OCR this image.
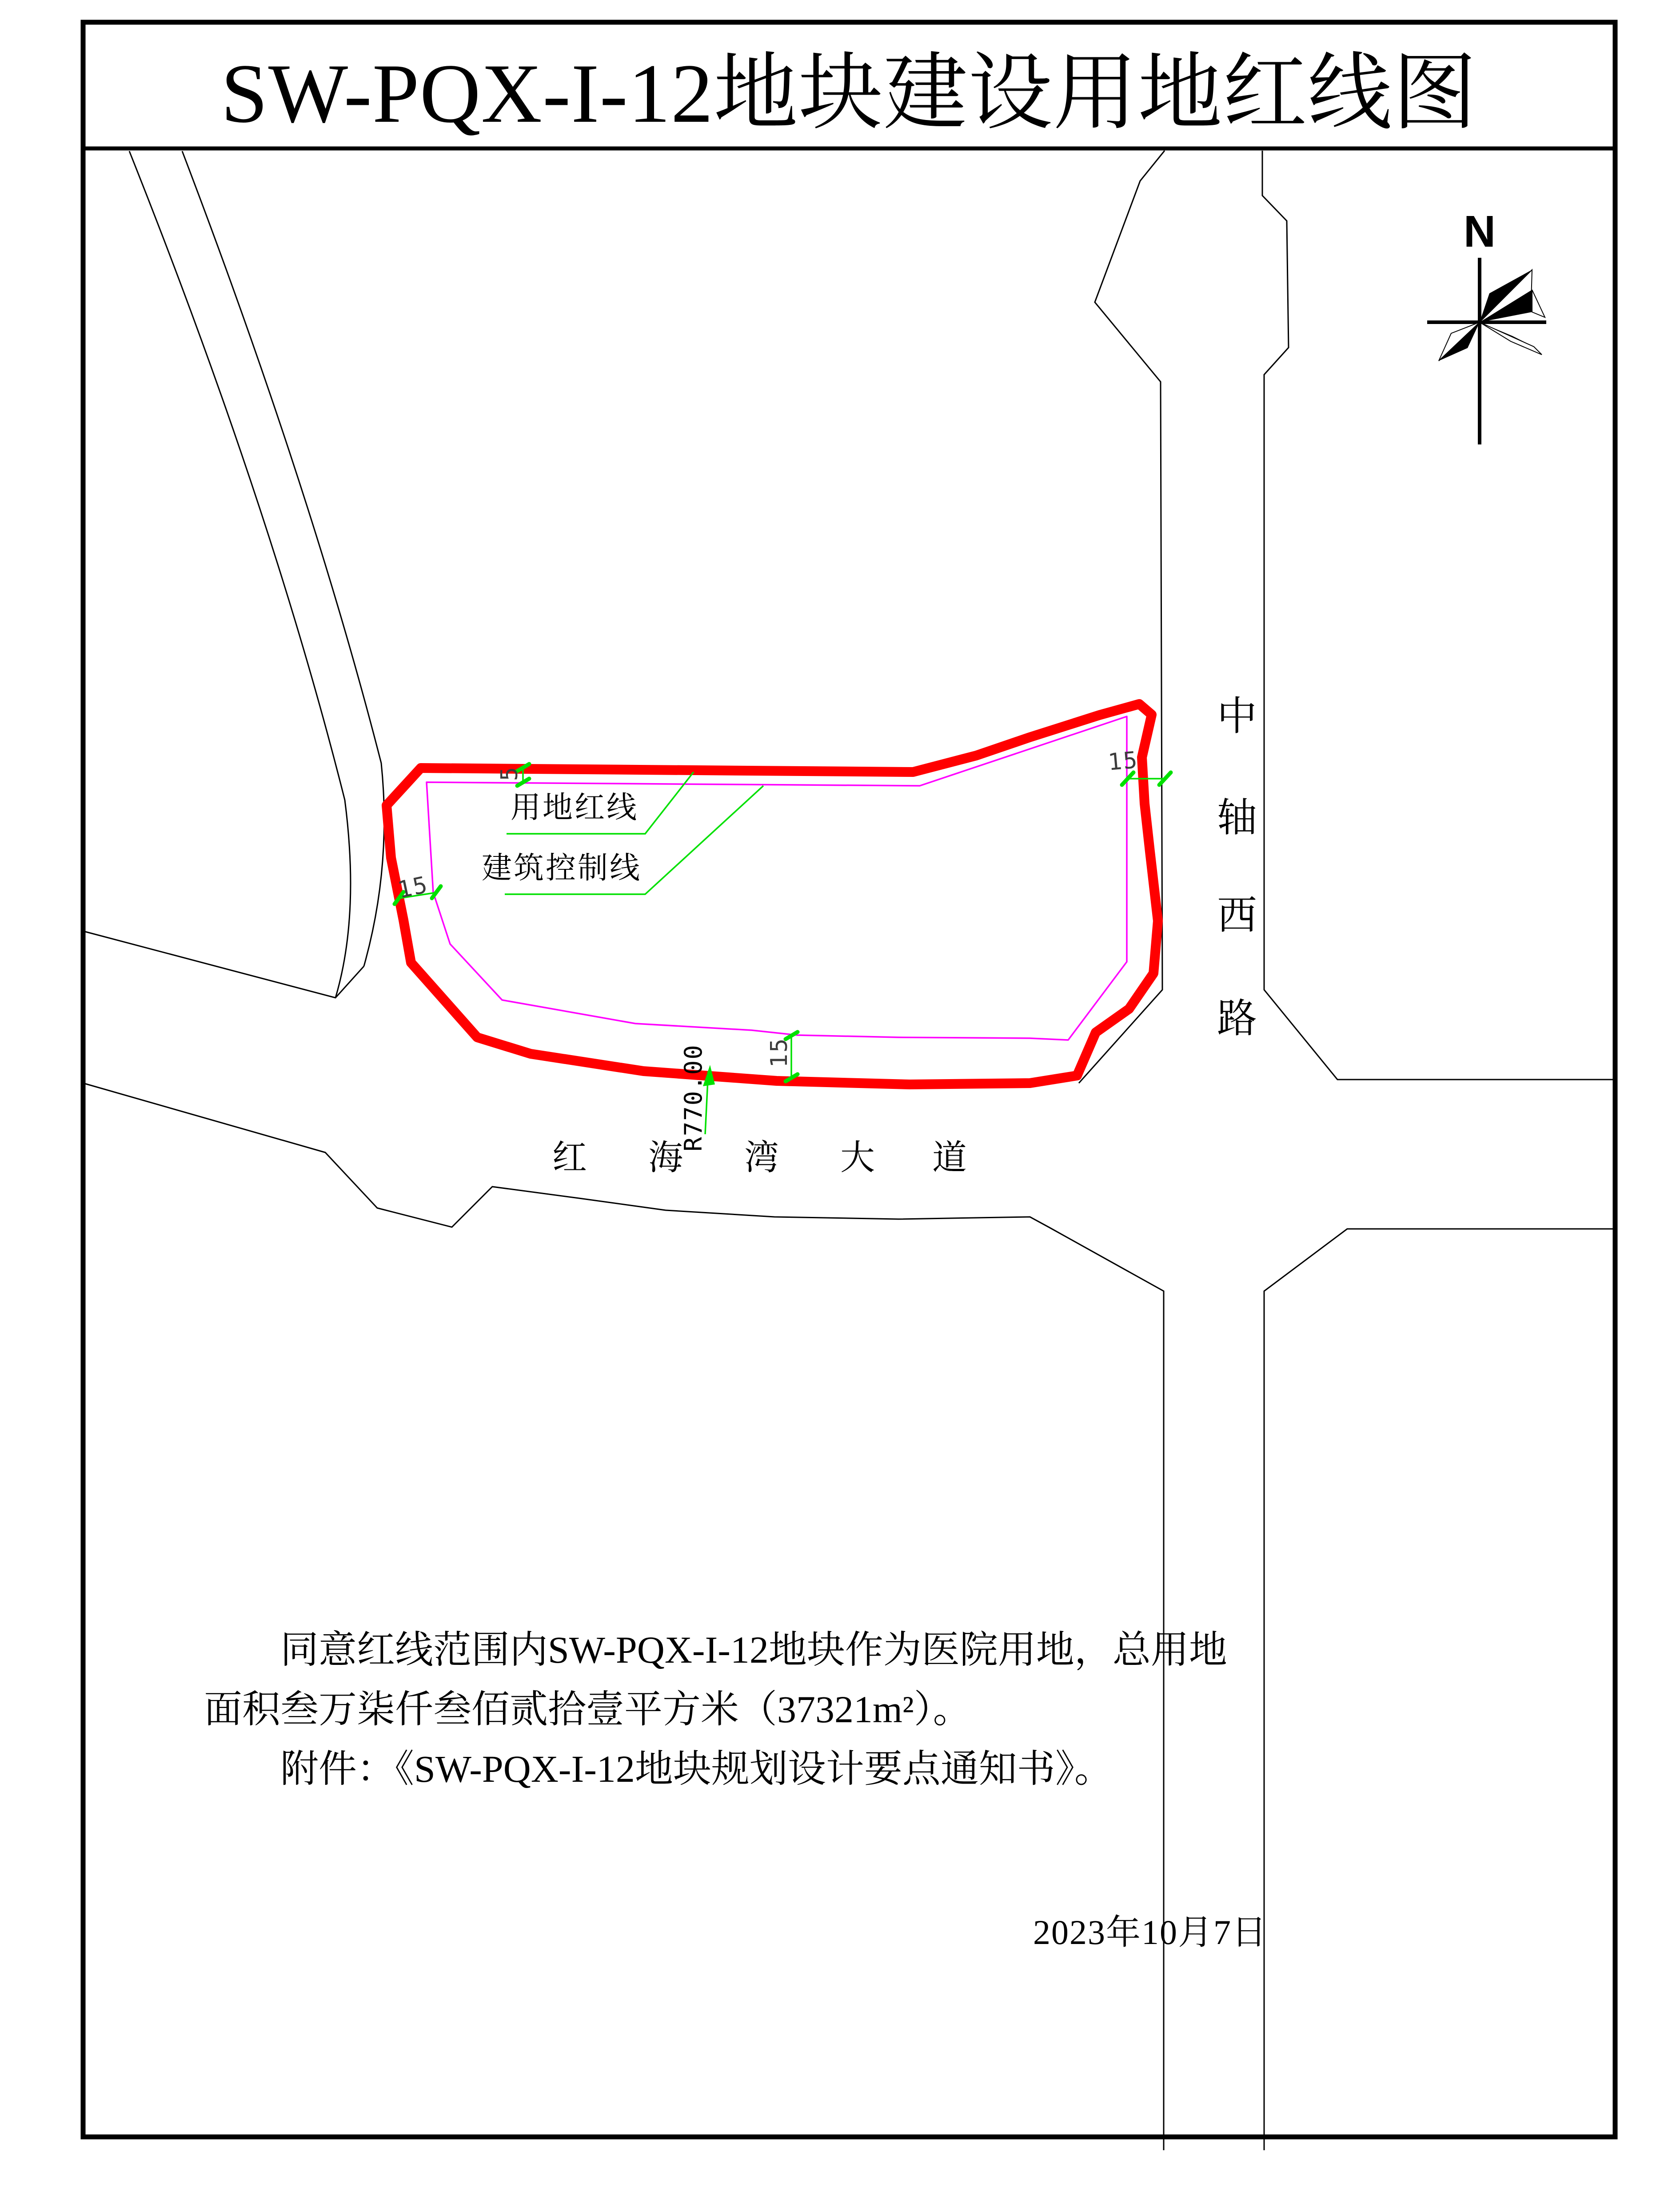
N
用地红线
建筑控制线
红海湾大道
中
轴
西
路
5
15
15
15
R770.00
SW-PQX-I-12地块建设用地红线图
同意红线范围内SW-PQX-I-12地块作为医院用地，总用地
面积叁万柒仟叁佰贰拾壹平方米（37321m²）。
附件：《SW-PQX-I-12地块规划设计要点通知书》。
2023年10月7日
